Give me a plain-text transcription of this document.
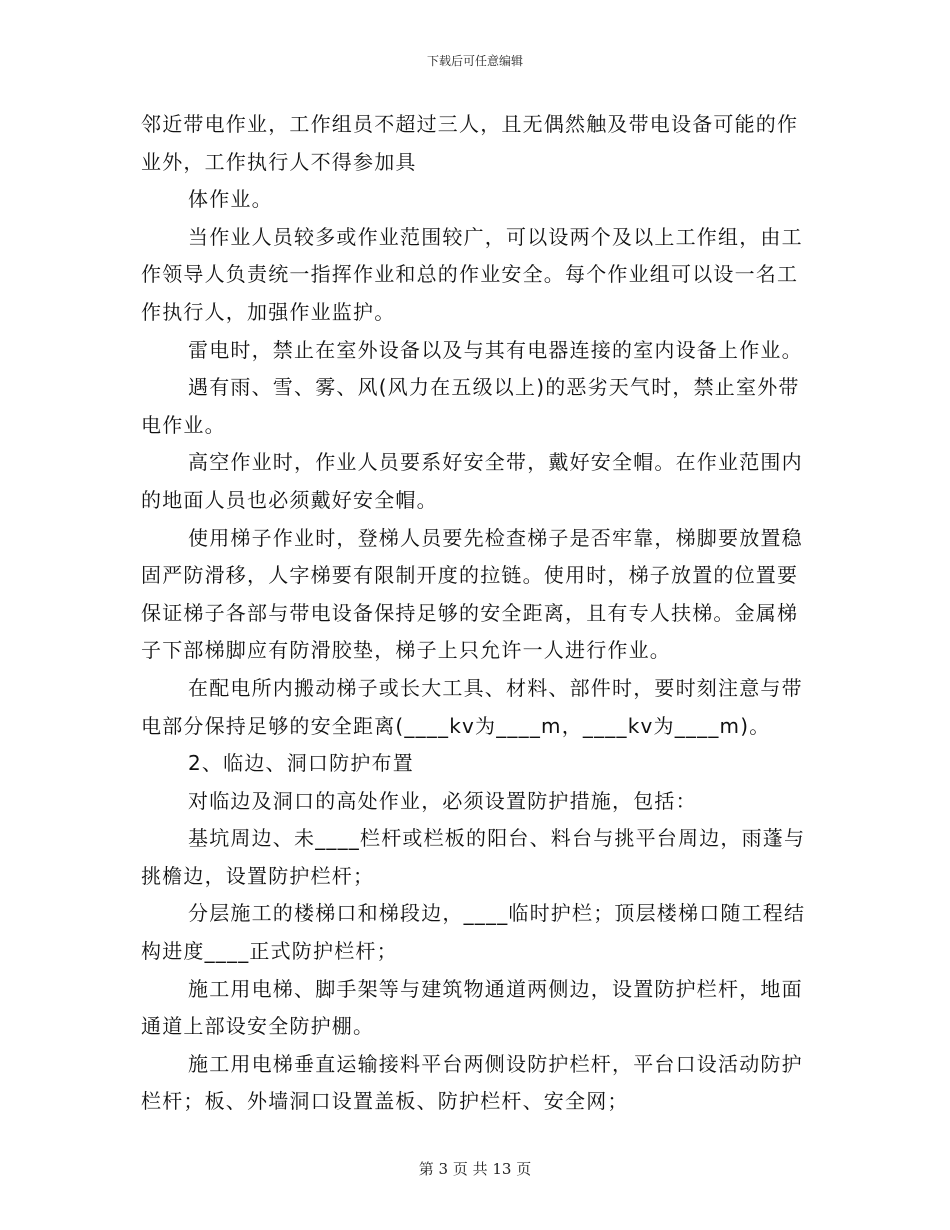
下载后可任意编辑

邻近带电作业，工作组员不超过三人，且无偶然触及带电设备可能的作业外，工作执行人不得参加具

体作业。

当作业人员较多或作业范围较广，可以设两个及以上工作组，由工作领导人负责统一指挥作业和总的作业安全。每个作业组可以设一名工作执行人，加强作业监护。

雷电时，禁止在室外设备以及与其有电器连接的室内设备上作业。

遇有雨、雪、雾、风(风力在五级以上)的恶劣天气时，禁止室外带电作业。

高空作业时，作业人员要系好安全带，戴好安全帽。在作业范围内的地面人员也必须戴好安全帽。

使用梯子作业时，登梯人员要先检查梯子是否牢靠，梯脚要放置稳固严防滑移，人字梯要有限制开度的拉链。使用时，梯子放置的位置要保证梯子各部与带电设备保持足够的安全距离，且有专人扶梯。金属梯子下部梯脚应有防滑胶垫，梯子上只允许一人进行作业。

在配电所内搬动梯子或长大工具、材料、部件时，要时刻注意与带电部分保持足够的安全距离(____kv为____m，____kv为____m)。

2、临边、洞口防护布置

对临边及洞口的高处作业，必须设置防护措施，包括：

基坑周边、未____栏杆或栏板的阳台、料台与挑平台周边，雨蓬与挑檐边，设置防护栏杆；

分层施工的楼梯口和梯段边，____临时护栏；顶层楼梯口随工程结构进度____正式防护栏杆；

施工用电梯、脚手架等与建筑物通道两侧边，设置防护栏杆，地面通道上部设安全防护棚。

施工用电梯垂直运输接料平台两侧设防护栏杆，平台口设活动防护栏杆；板、外墙洞口设置盖板、防护栏杆、安全网；

第 3 页 共 13 页
